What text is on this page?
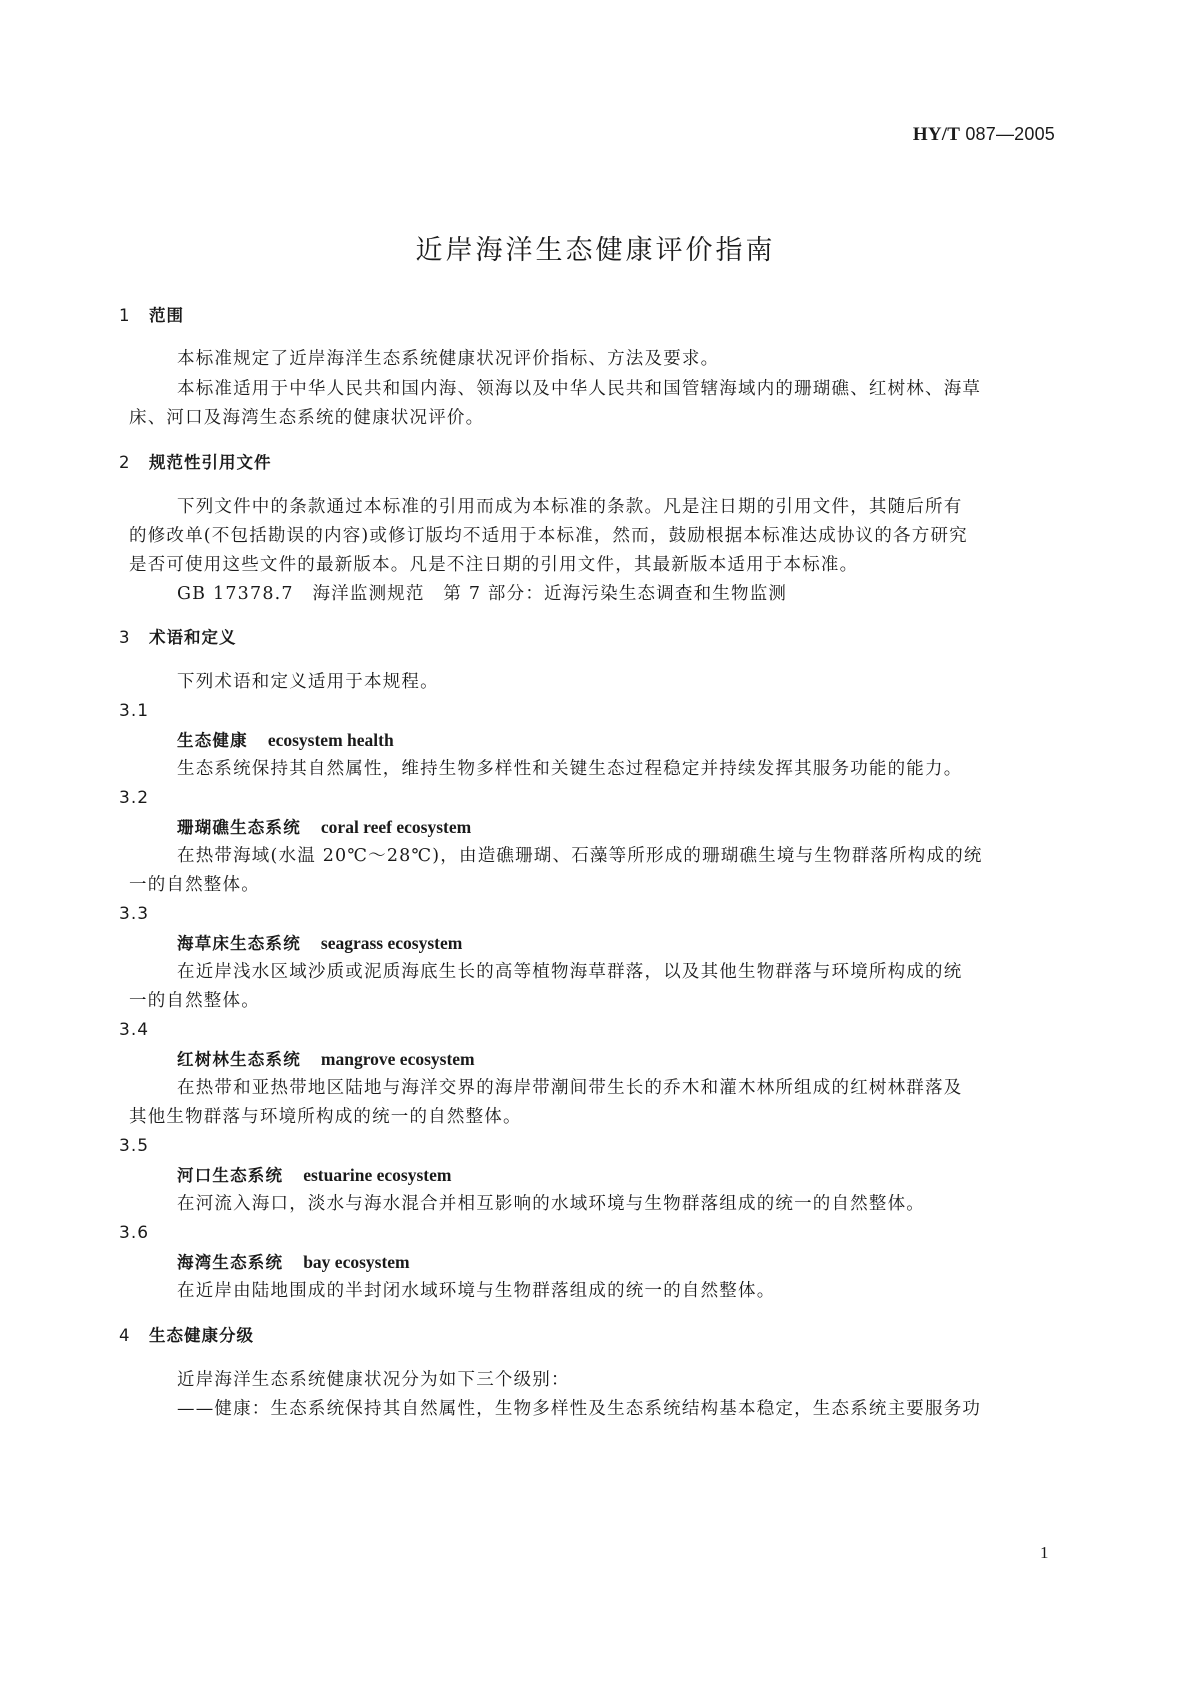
HY/T 087—2005
近岸海洋生态健康评价指南
1 范围
本标准规定了近岸海洋生态系统健康状况评价指标、方法及要求。
本标准适用于中华人民共和国内海、领海以及中华人民共和国管辖海域内的珊瑚礁、红树林、海草
床、河口及海湾生态系统的健康状况评价。
2 规范性引用文件
下列文件中的条款通过本标准的引用而成为本标准的条款。凡是注日期的引用文件，其随后所有
的修改单(不包括勘误的内容)或修订版均不适用于本标准，然而，鼓励根据本标准达成协议的各方研究
是否可使用这些文件的最新版本。凡是不注日期的引用文件，其最新版本适用于本标准。
GB 17378.7　海洋监测规范　第 7 部分：近海污染生态调查和生物监测
3 术语和定义
下列术语和定义适用于本规程。
3.1
生态健康 ecosystem health
生态系统保持其自然属性，维持生物多样性和关键生态过程稳定并持续发挥其服务功能的能力。
3.2
珊瑚礁生态系统 coral reef ecosystem
在热带海域(水温 20℃～28℃)，由造礁珊瑚、石藻等所形成的珊瑚礁生境与生物群落所构成的统
一的自然整体。
3.3
海草床生态系统 seagrass ecosystem
在近岸浅水区域沙质或泥质海底生长的高等植物海草群落，以及其他生物群落与环境所构成的统
一的自然整体。
3.4
红树林生态系统 mangrove ecosystem
在热带和亚热带地区陆地与海洋交界的海岸带潮间带生长的乔木和灌木林所组成的红树林群落及
其他生物群落与环境所构成的统一的自然整体。
3.5
河口生态系统 estuarine ecosystem
在河流入海口，淡水与海水混合并相互影响的水域环境与生物群落组成的统一的自然整体。
3.6
海湾生态系统 bay ecosystem
在近岸由陆地围成的半封闭水域环境与生物群落组成的统一的自然整体。
4 生态健康分级
近岸海洋生态系统健康状况分为如下三个级别：
——健康：生态系统保持其自然属性，生物多样性及生态系统结构基本稳定，生态系统主要服务功
1
